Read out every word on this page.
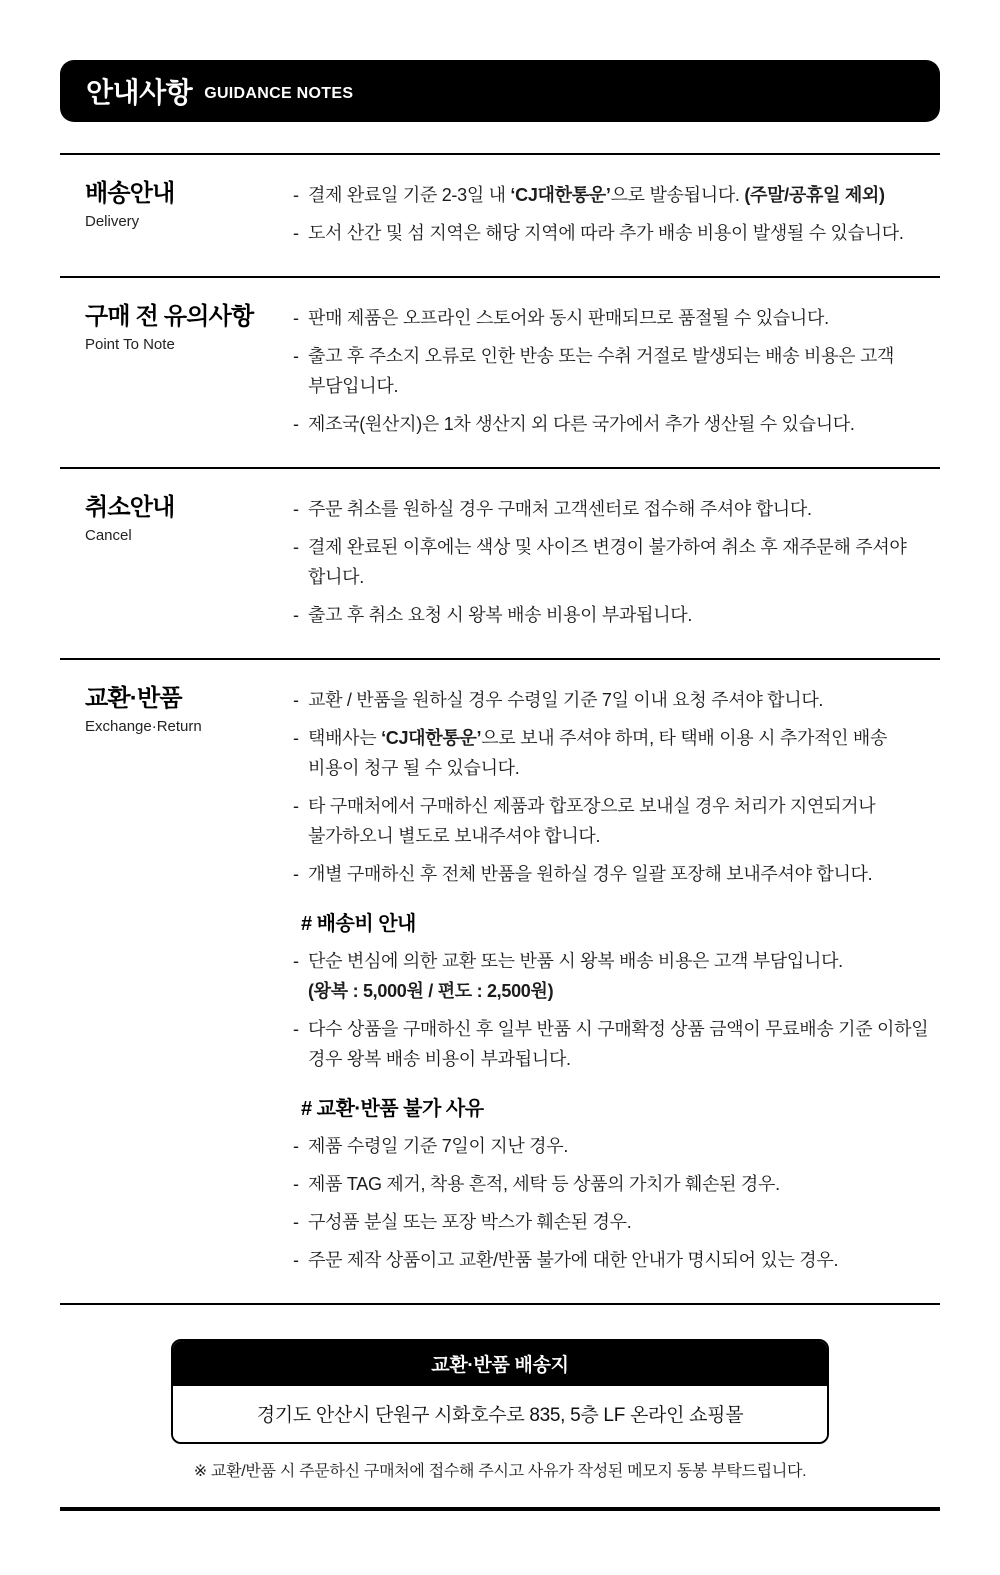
안내사항 GUIDANCE NOTES
배송안내
Delivery
- 결제 완료일 기준 2-3일 내 ‘CJ대한통운’으로 발송됩니다. (주말/공휴일 제외)

- 도서 산간 및 섬 지역은 해당 지역에 따라 추가 배송 비용이 발생될 수 있습니다.

구매 전 유의사항
Point To Note
- 판매 제품은 오프라인 스토어와 동시 판매되므로 품절될 수 있습니다.

- 출고 후 주소지 오류로 인한 반송 또는 수취 거절로 발생되는 배송 비용은 고객 부담입니다.

- 제조국(원산지)은 1차 생산지 외 다른 국가에서 추가 생산될 수 있습니다.

취소안내
Cancel
- 주문 취소를 원하실 경우 구매처 고객센터로 접수해 주셔야 합니다.

- 결제 완료된 이후에는 색상 및 사이즈 변경이 불가하여 취소 후 재주문해 주셔야 합니다.

- 출고 후 취소 요청 시 왕복 배송 비용이 부과됩니다.

교환·반품
Exchange·Return
- 교환 / 반품을 원하실 경우 수령일 기준 7일 이내 요청 주셔야 합니다.

- 택배사는 ‘CJ대한통운’으로 보내 주셔야 하며, 타 택배 이용 시 추가적인 배송 비용이 청구 될 수 있습니다.

- 타 구매처에서 구매하신 제품과 합포장으로 보내실 경우 처리가 지연되거나 불가하오니 별도로 보내주셔야 합니다.

- 개별 구매하신 후 전체 반품을 원하실 경우 일괄 포장해 보내주셔야 합니다.

# 배송비 안내
- 단순 변심에 의한 교환 또는 반품 시 왕복 배송 비용은 고객 부담입니다.
(왕복 : 5,000원 / 편도 : 2,500원)

- 다수 상품을 구매하신 후 일부 반품 시 구매확정 상품 금액이 무료배송 기준 이하일 경우 왕복 배송 비용이 부과됩니다.

# 교환·반품 불가 사유
- 제품 수령일 기준 7일이 지난 경우.

- 제품 TAG 제거, 착용 흔적, 세탁 등 상품의 가치가 훼손된 경우.

- 구성품 분실 또는 포장 박스가 훼손된 경우.

- 주문 제작 상품이고 교환/반품 불가에 대한 안내가 명시되어 있는 경우.

교환·반품 배송지
경기도 안산시 단원구 시화호수로 835, 5층 LF 온라인 쇼핑몰

※ 교환/반품 시 주문하신 구매처에 접수해 주시고 사유가 작성된 메모지 동봉 부탁드립니다.
